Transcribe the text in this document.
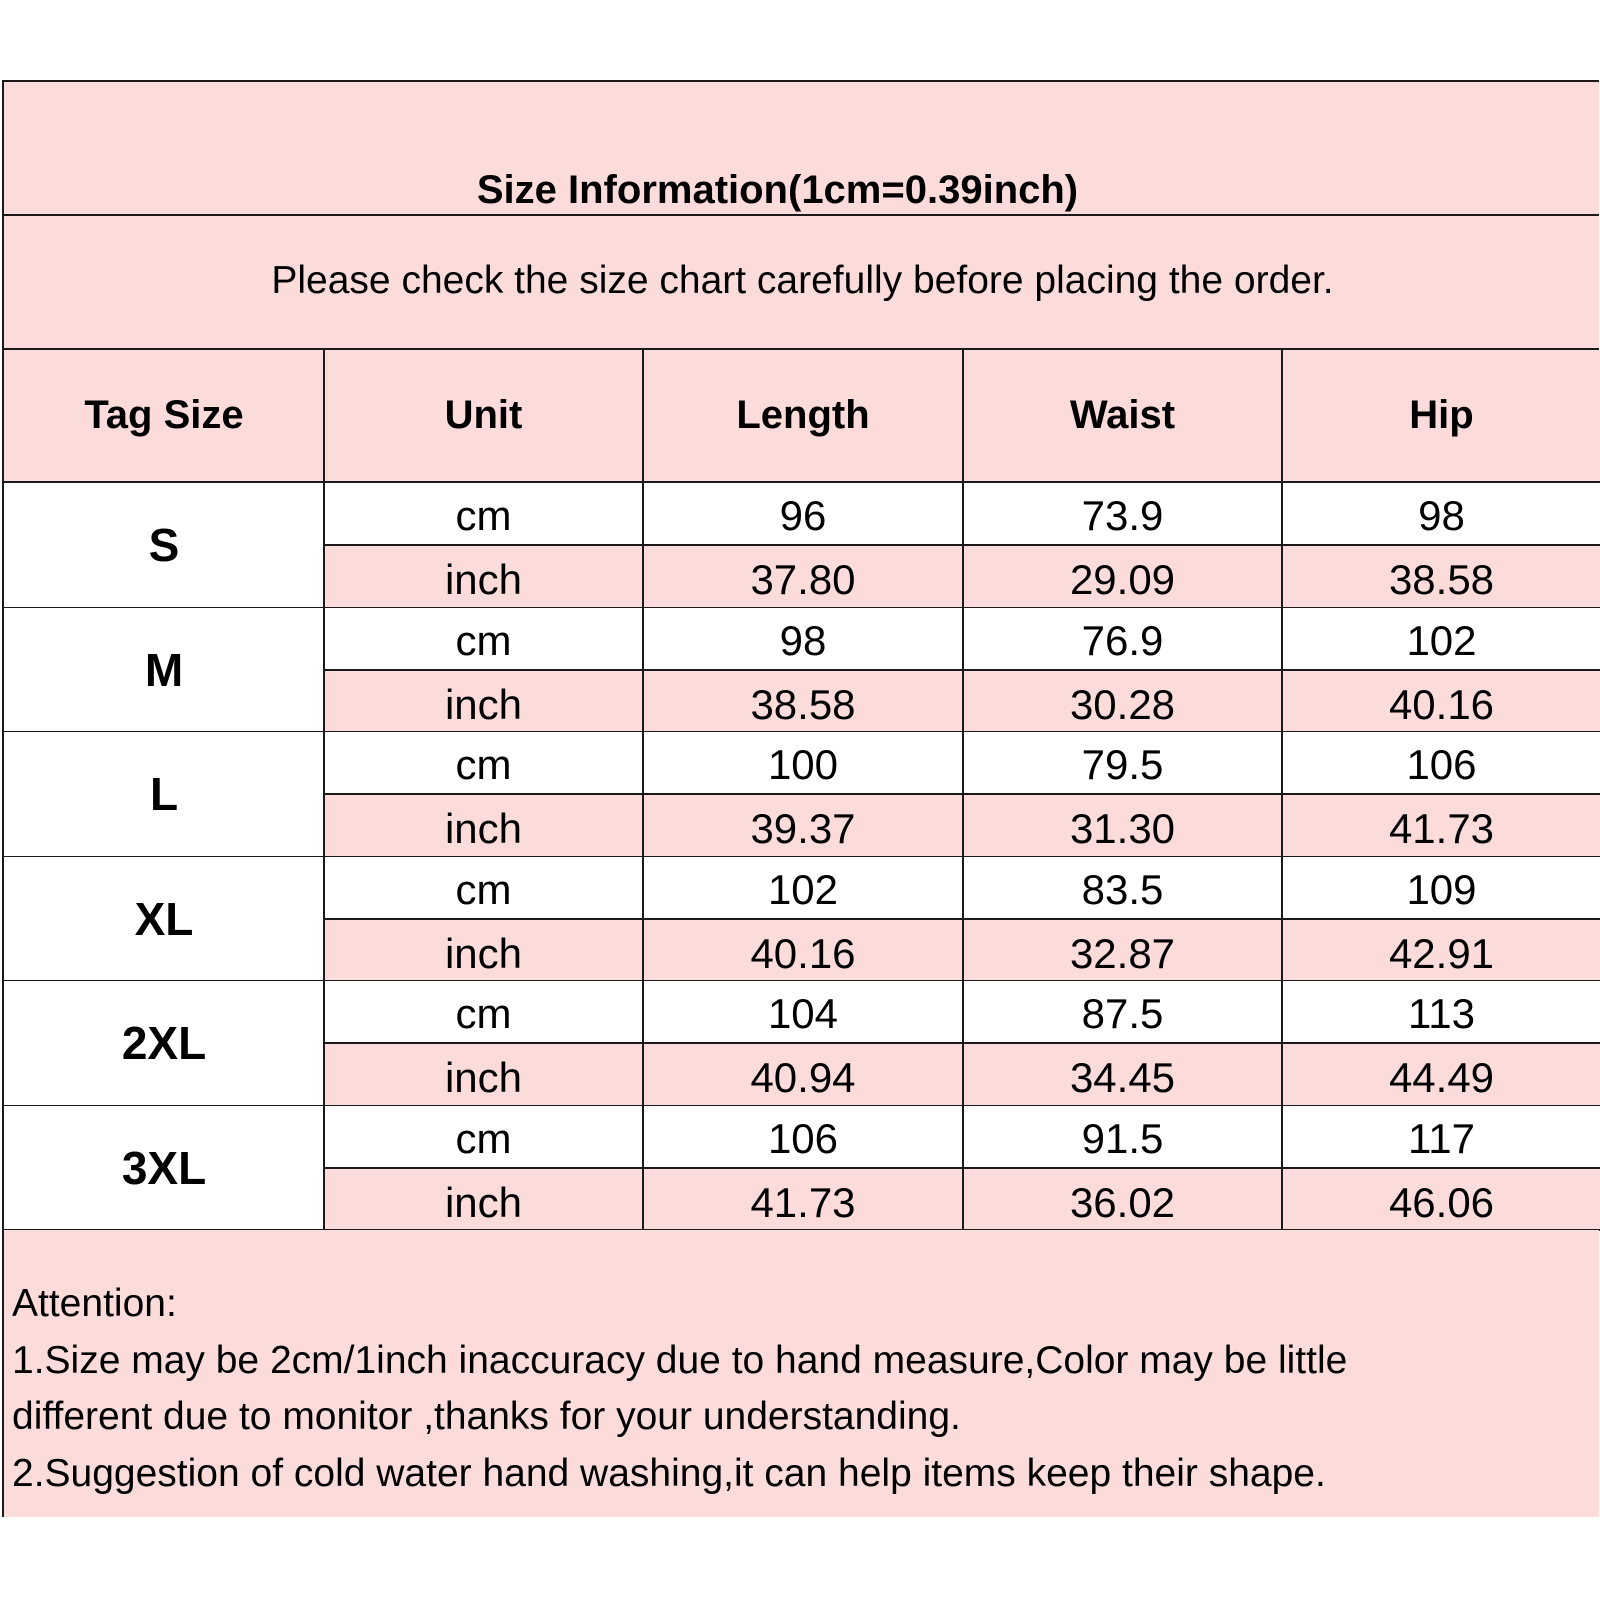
Size Information(1cm=0.39inch)
Please check the size chart carefully before placing the order.
Tag Size	Unit	Length	Waist	Hip
S
cm	96	73.9	98
inch	37.80	29.09	38.58
M
cm	98	76.9	102
inch	38.58	30.28	40.16
L
cm	100	79.5	106
inch	39.37	31.30	41.73
XL
cm	102	83.5	109
inch	40.16	32.87	42.91
2XL
cm	104	87.5	113
inch	40.94	34.45	44.49
3XL
cm	106	91.5	117
inch	41.73	36.02	46.06
Attention:
1.Size may be 2cm/1inch inaccuracy due to hand measure,Color may be little
different due to monitor ,thanks for your understanding.
2.Suggestion of cold water hand washing,it can help items keep their shape.
